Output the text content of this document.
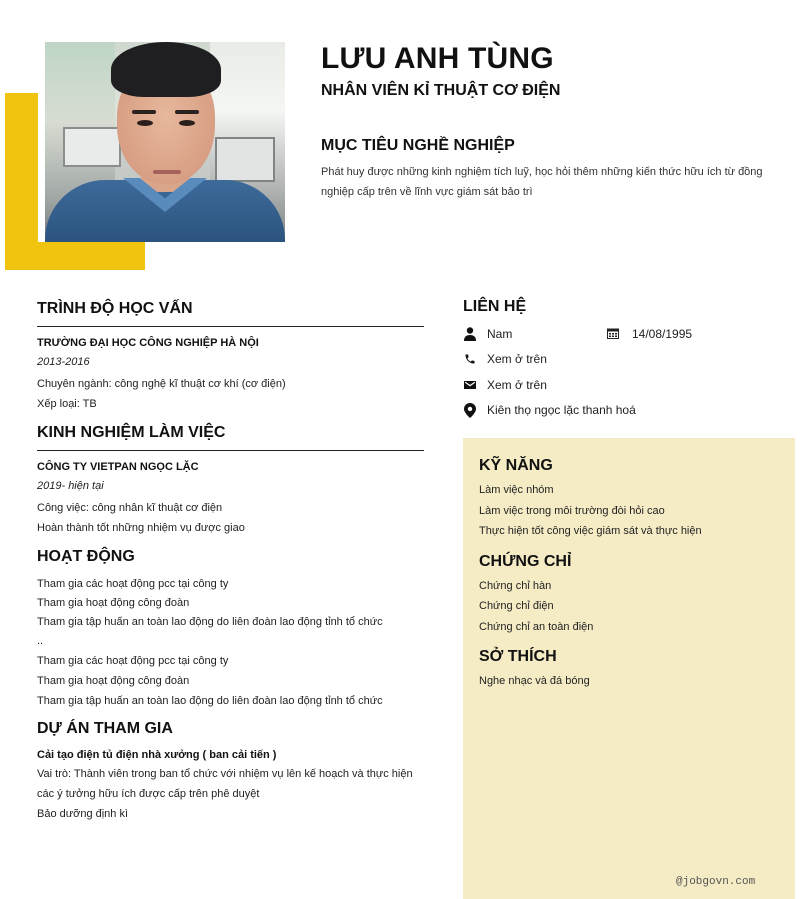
LƯU ANH TÙNG
NHÂN VIÊN KỈ THUẬT CƠ ĐIỆN
MỤC TIÊU NGHỀ NGHIỆP
Phát huy được những kinh nghiệm tích luỹ, học hỏi thêm những kiến thức hữu ích từ đồng nghiệp cấp trên về lĩnh vực giám sát bảo trì
TRÌNH ĐỘ HỌC VẤN
TRƯỜNG ĐẠI HỌC CÔNG NGHIỆP HÀ NỘI
2013-2016
Chuyên ngành: công nghệ kĩ thuật cơ khí (cơ điện)
Xếp loại: TB
KINH NGHIỆM LÀM VIỆC
CÔNG TY VIETPAN NGỌC LẶC
2019- hiện tại
Công việc: công nhân kĩ thuật cơ điện
Hoàn thành tốt những nhiệm vụ được giao
HOẠT ĐỘNG
Tham gia các hoạt động pcc tại công ty
Tham gia hoạt động công đoàn
Tham gia tập huấn an toàn lao động do liên đoàn lao động tỉnh tổ chức
..
Tham gia các hoạt động pcc tại công ty
Tham gia hoạt động công đoàn
Tham gia tập huấn an toàn lao động do liên đoàn lao động tỉnh tổ chức
DỰ ÁN THAM GIA
Cải tạo điện tủ điện nhà xưởng ( ban cải tiến )
Vai trò: Thành viên trong ban tổ chức với nhiệm vụ lên kế hoạch và thực hiện
các ý tưởng hữu ích được cấp trên phê duyệt
Bảo dưỡng định kì
LIÊN HỆ
Nam	14/08/1995
Xem ở trên
Xem ở trên
Kiên thọ ngọc lặc thanh hoá
KỸ NĂNG
Làm việc nhóm
Làm việc trong môi trường đòi hỏi cao
Thực hiện tốt công việc giám sát và thực hiện
CHỨNG CHỈ
Chứng chỉ hàn
Chứng chỉ điện
Chứng chỉ an toàn điện
SỞ THÍCH
Nghe nhạc và đá bóng
@jobgovn.com
